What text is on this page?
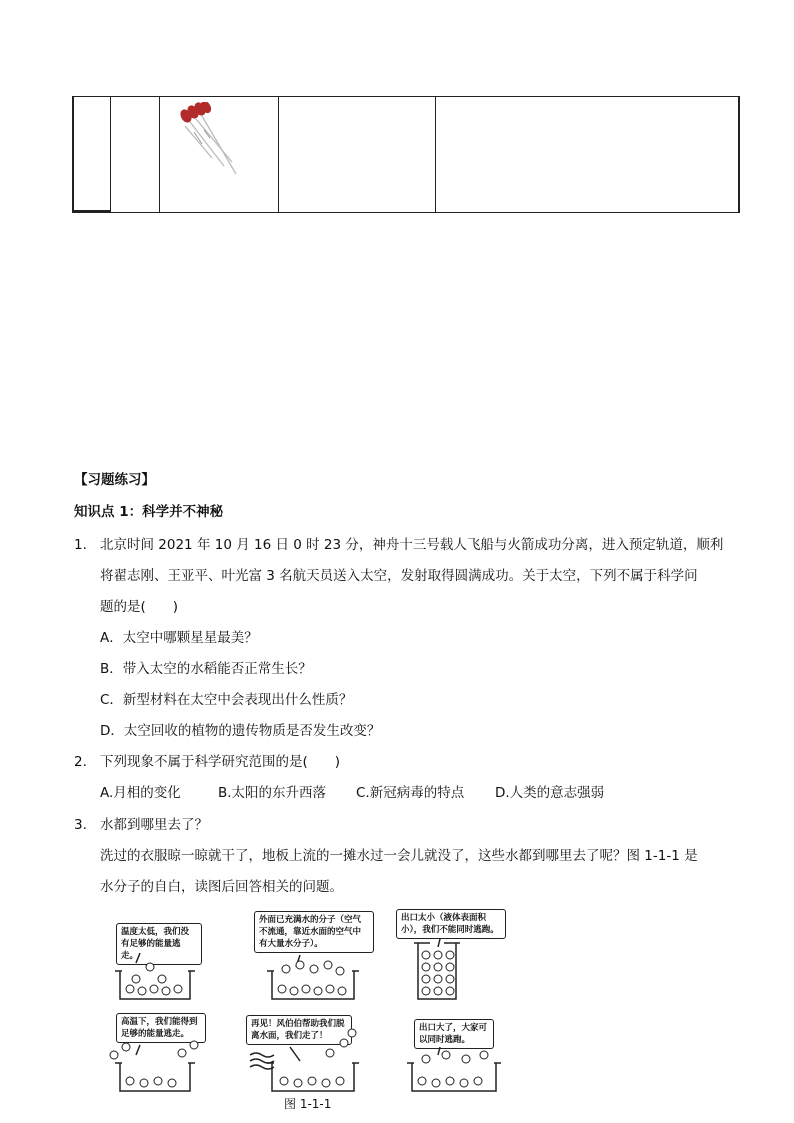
【习题练习】
知识点 1：科学并不神秘
1. 北京时间 2021 年 10 月 16 日 0 时 23 分，神舟十三号载人飞船与火箭成功分离，进入预定轨道，顺利
将翟志刚、王亚平、叶光富 3 名航天员送入太空，发射取得圆满成功。关于太空，下列不属于科学问
题的是(　　)
A．太空中哪颗星星最美？
B．带入太空的水稻能否正常生长？
C．新型材料在太空中会表现出什么性质？
D．太空回收的植物的遗传物质是否发生改变？
2. 下列现象不属于科学研究范围的是(　　)
A.月相的变化	B.太阳的东升西落 C.新冠病毒的特点 D.人类的意志强弱
3. 水都到哪里去了？
洗过的衣服晾一晾就干了，地板上流的一摊水过一会儿就没了，这些水都到哪里去了呢？图 1-1-1 是
水分子的自白，读图后回答相关的问题。
温度太低，我们没有足够的能量逃走。
外面已充满水的分子（空气不流通，靠近水面的空气中有大量水分子）。
出口太小（液体表面积小），我们不能同时逃跑。
高温下，我们能得到足够的能量逃走。
再见！风伯伯帮助我们脱离水面，我们走了！
出口大了，大家可以同时逃跑。
图 1-1-1
